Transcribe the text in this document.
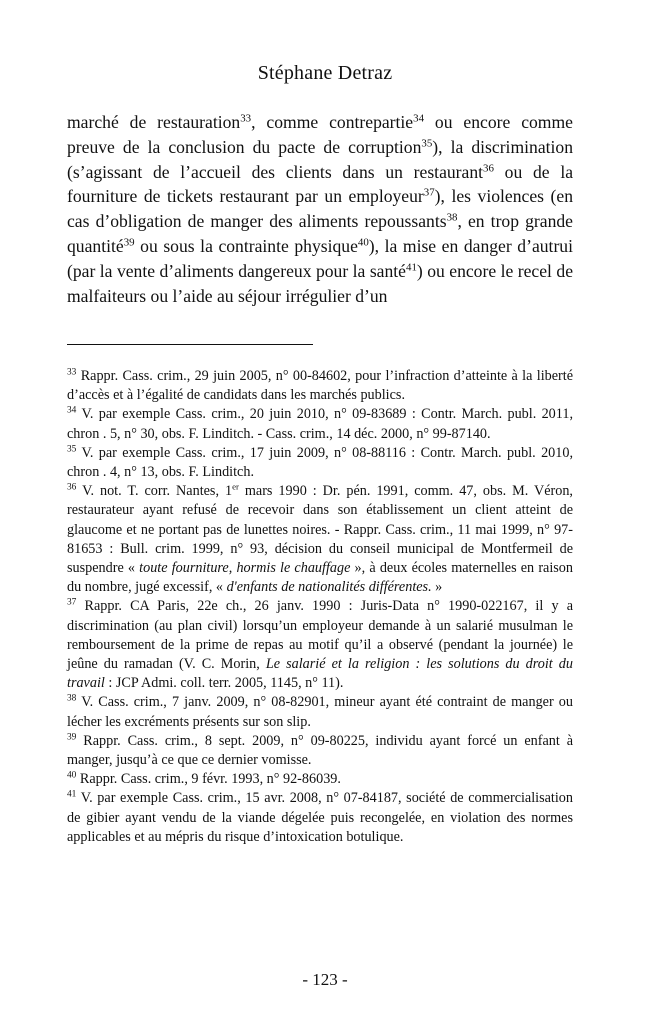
Stéphane Detraz
marché de restauration$^{33}$, comme contrepartie$^{34}$ ou encore comme preuve de la conclusion du pacte de corruption$^{35}$), la discrimination (s’agissant de l’accueil des clients dans un restaurant$^{36}$ ou de la fourniture de tickets restaurant par un employeur$^{37}$), les violences (en cas d’obligation de manger des aliments repoussants$^{38}$, en trop grande quantité$^{39}$ ou sous la contrainte physique$^{40}$), la mise en danger d’autrui (par la vente d’aliments dangereux pour la santé$^{41}$) ou encore le recel de malfaiteurs ou l’aide au séjour irrégulier d’un

$^{33}$ Rappr. Cass. crim., 29 juin 2005, n° 00-84602, pour l’infraction d’atteinte à la liberté d’accès et à l’égalité de candidats dans les marchés publics.

$^{34}$ V. par exemple Cass. crim., 20 juin 2010, n° 09-83689 : Contr. March. publ. 2011, chron . 5, n° 30, obs. F. Linditch. - Cass. crim., 14 déc. 2000, n° 99-87140.

$^{35}$ V. par exemple Cass. crim., 17 juin 2009, n° 08-88116 : Contr. March. publ. 2010, chron . 4, n° 13, obs. F. Linditch.

$^{36}$ V. not. T. corr. Nantes, 1er mars 1990 : Dr. pén. 1991, comm. 47, obs. M. Véron, restaurateur ayant refusé de recevoir dans son établissement un client atteint de glaucome et ne portant pas de lunettes noires. - Rappr. Cass. crim., 11 mai 1999, n° 97-81653 : Bull. crim. 1999, n° 93, décision du conseil municipal de Montfermeil de suspendre « toute fourniture, hormis le chauffage », à deux écoles maternelles en raison du nombre, jugé excessif, « d'enfants de nationalités différentes. »

$^{37}$ Rappr. CA Paris, 22e ch., 26 janv. 1990 : Juris-Data n° 1990-022167, il y a discrimination (au plan civil) lorsqu’un employeur demande à un salarié musulman le remboursement de la prime de repas au motif qu’il a observé (pendant la journée) le jeûne du ramadan (V. C. Morin, Le salarié et la religion : les solutions du droit du travail : JCP Admi. coll. terr. 2005, 1145, n° 11).

$^{38}$ V. Cass. crim., 7 janv. 2009, n° 08-82901, mineur ayant été contraint de manger ou lécher les excréments présents sur son slip.

$^{39}$ Rappr. Cass. crim., 8 sept. 2009, n° 09-80225, individu ayant forcé un enfant à manger, jusqu’à ce que ce dernier vomisse.

$^{40}$ Rappr. Cass. crim., 9 févr. 1993, n° 92-86039.

$^{41}$ V. par exemple Cass. crim., 15 avr. 2008, n° 07-84187, société de commercialisation de gibier ayant vendu de la viande dégelée puis recongelée, en violation des normes applicables et au mépris du risque d’intoxication botulique.

- 123 -
